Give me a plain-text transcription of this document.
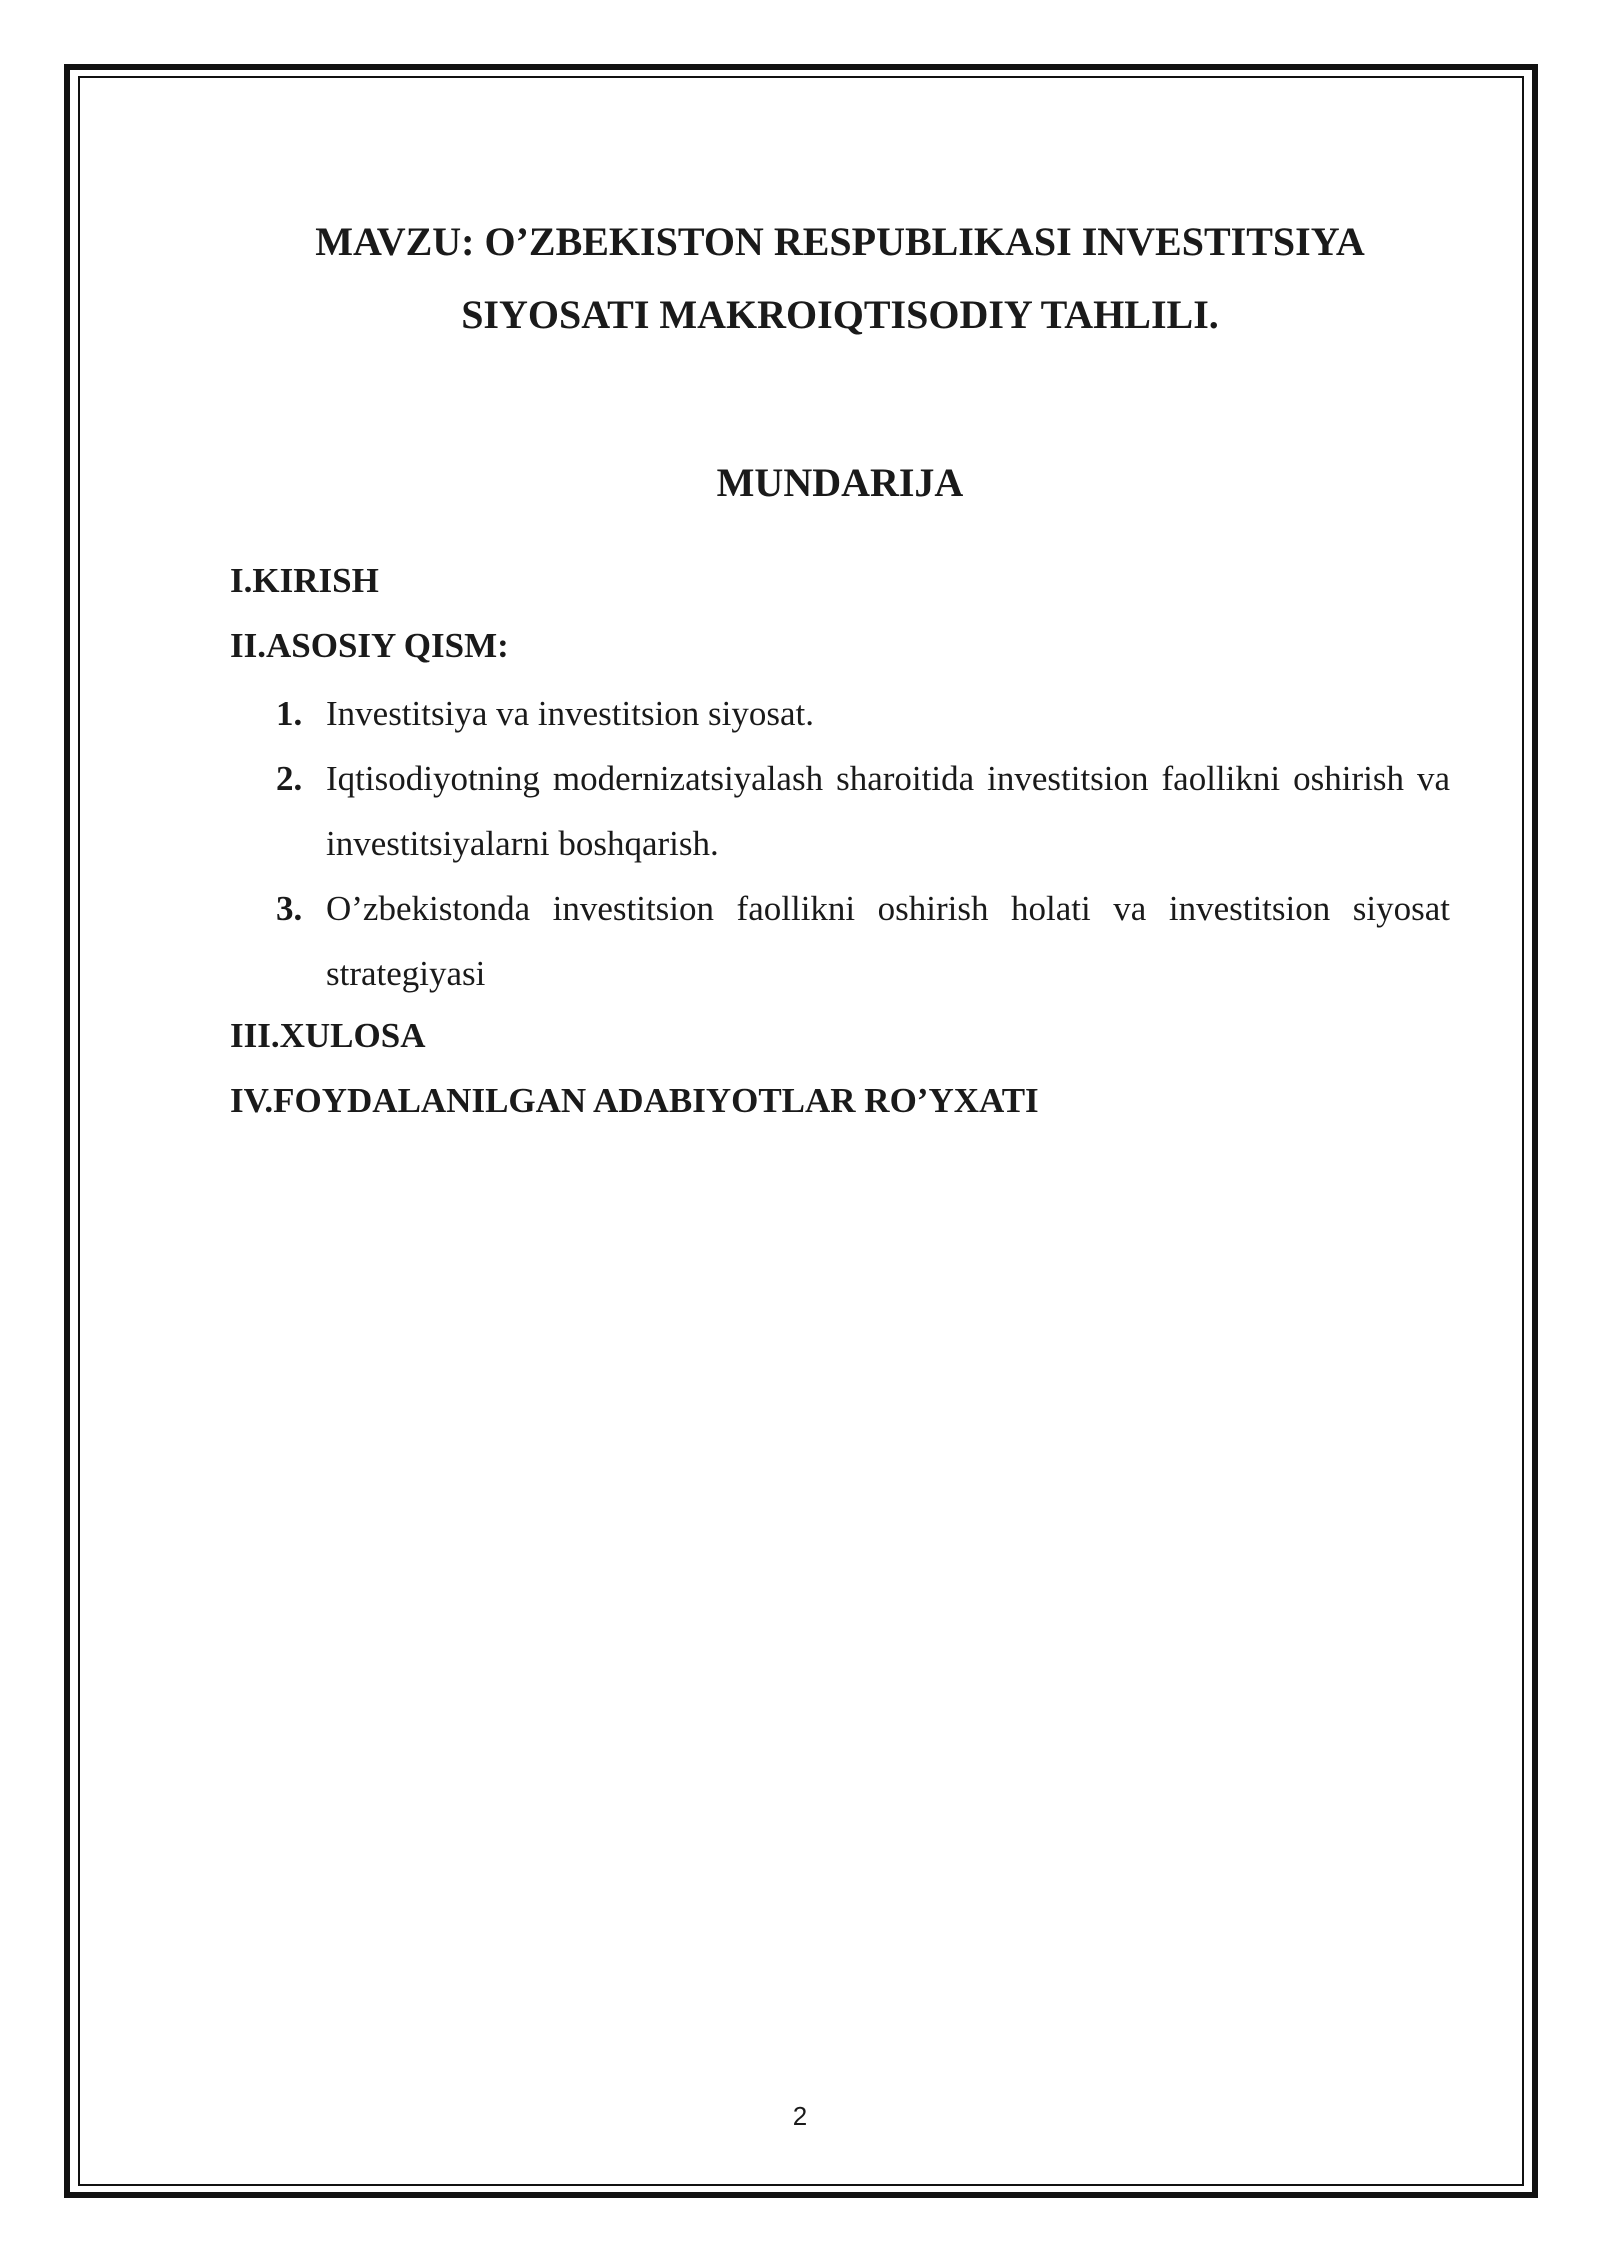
MAVZU: O’ZBEKISTON RESPUBLIKASI INVESTITSIYA
SIYOSATI MAKROIQTISODIY TAHLILI.
MUNDARIJA
I.KIRISH
II.ASOSIY QISM:
1. Investitsiya va investitsion siyosat.
2. Iqtisodiyotning modernizatsiyalash sharoitida investitsion faollikni oshirish va investitsiyalarni boshqarish.
3. O’zbekistonda investitsion faollikni oshirish holati va investitsion siyosat strategiyasi
III.XULOSA
IV.FOYDALANILGAN ADABIYOTLAR RO’YXATI
2
